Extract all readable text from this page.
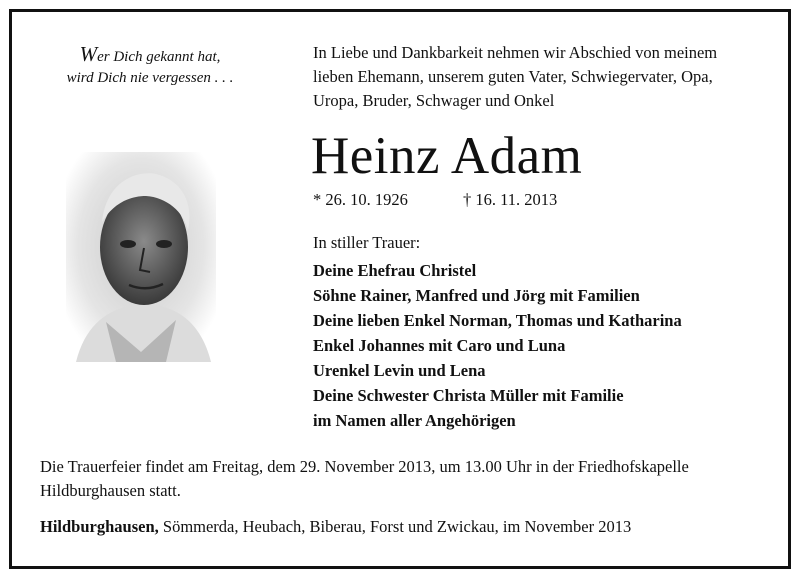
Wer Dich gekannt hat,
wird Dich nie vergessen . . .
In Liebe und Dankbarkeit nehmen wir Abschied von meinem
lieben Ehemann, unserem guten Vater, Schwiegervater, Opa,
Uropa, Bruder, Schwager und Onkel
Heinz Adam
* 26. 10. 1926	† 16. 11. 2013
In stiller Trauer:
Deine Ehefrau Christel
Söhne Rainer, Manfred und Jörg mit Familien
Deine lieben Enkel Norman, Thomas und Katharina
Enkel Johannes mit Caro und Luna
Urenkel Levin und Lena
Deine Schwester Christa Müller mit Familie
im Namen aller Angehörigen
Die Trauerfeier findet am Freitag, dem 29. November 2013, um 13.00 Uhr in der Friedhofskapelle
Hildburghausen statt.
Hildburghausen, Sömmerda, Heubach, Biberau, Forst und Zwickau, im November 2013
